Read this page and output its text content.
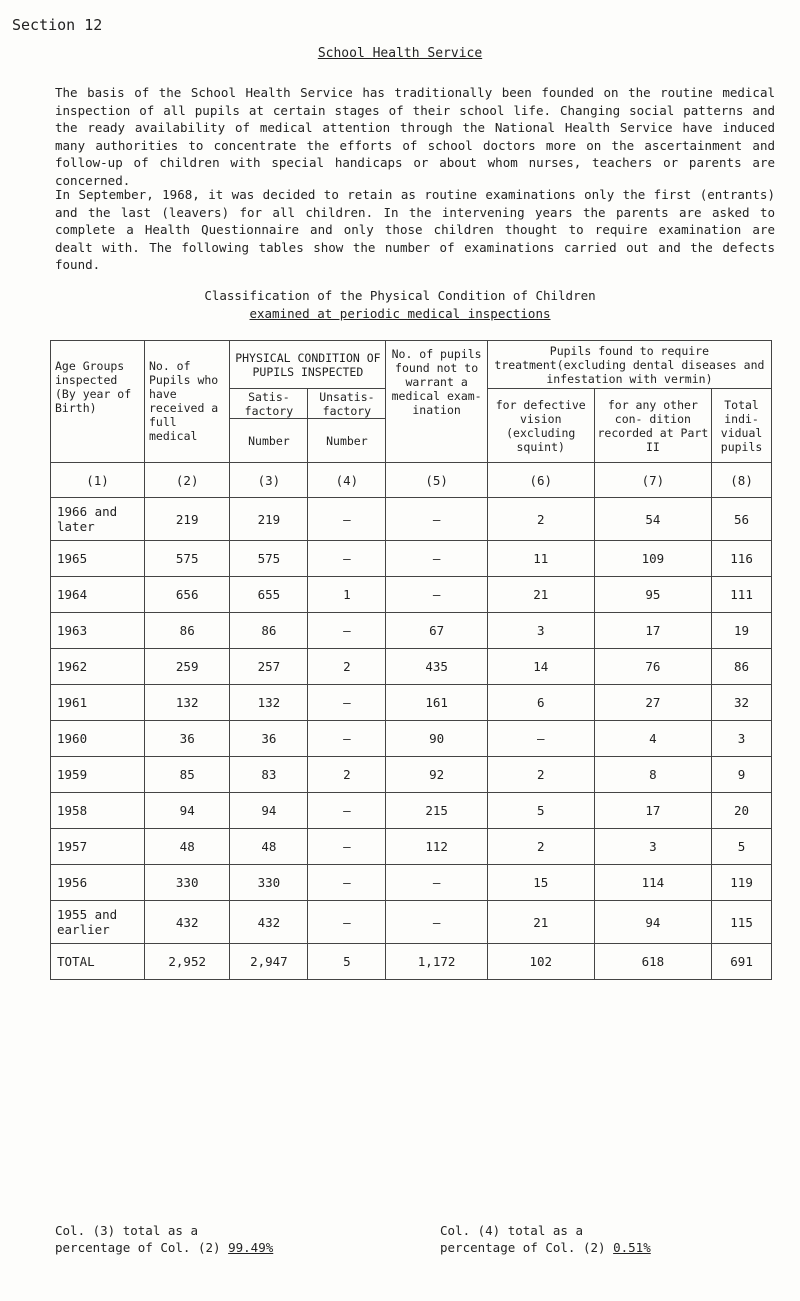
Section 12
School Health Service

The basis of the School Health Service has traditionally been founded on the routine medical inspection of all pupils at certain stages of their school life. Changing social patterns and the ready availability of medical attention through the National Health Service have induced many authorities to concentrate the efforts of school doctors more on the ascertainment and follow-up of children with special handicaps or about whom nurses, teachers or parents are concerned.

In September, 1968, it was decided to retain as routine examinations only the first (entrants) and the last (leavers) for all children. In the intervening years the parents are asked to complete a Health Questionnaire and only those children thought to require examination are dealt with. The following tables show the number of examinations carried out and the defects found.

Classification of the Physical Condition of Children
examined at periodic medical inspections
Age Groups inspected (By year of Birth)	No. of Pupils who have received a full medical	PHYSICAL CONDITION OF PUPILS INSPECTED		No. of pupils found not to warrant a medical exam- ination	Pupils found to require treatment(excluding dental diseases and infestation with vermin)		
		Satis- factory	Unsatis- factory		for defective vision (excluding squint)	for any other con- dition recorded at Part II	Total indi- vidual pupils
		Number	Number				
(1)	(2)	(3)	(4)	(5)	(6)	(7)	(8)
1966 and later	219	219	–	–	2	54	56
1965	575	575	–	–	11	109	116
1964	656	655	1	–	21	95	111
1963	86	86	–	67	3	17	19
1962	259	257	2	435	14	76	86
1961	132	132	–	161	6	27	32
1960	36	36	–	90	–	4	3
1959	85	83	2	92	2	8	9
1958	94	94	–	215	5	17	20
1957	48	48	–	112	2	3	5
1956	330	330	–	–	15	114	119
1955 and earlier	432	432	–	–	21	94	115
TOTAL	2,952	2,947	5	1,172	102	618	691
Col. (3) total as a
percentage of Col. (2) 99.49%
Col. (4) total as a
percentage of Col. (2) 0.51%
